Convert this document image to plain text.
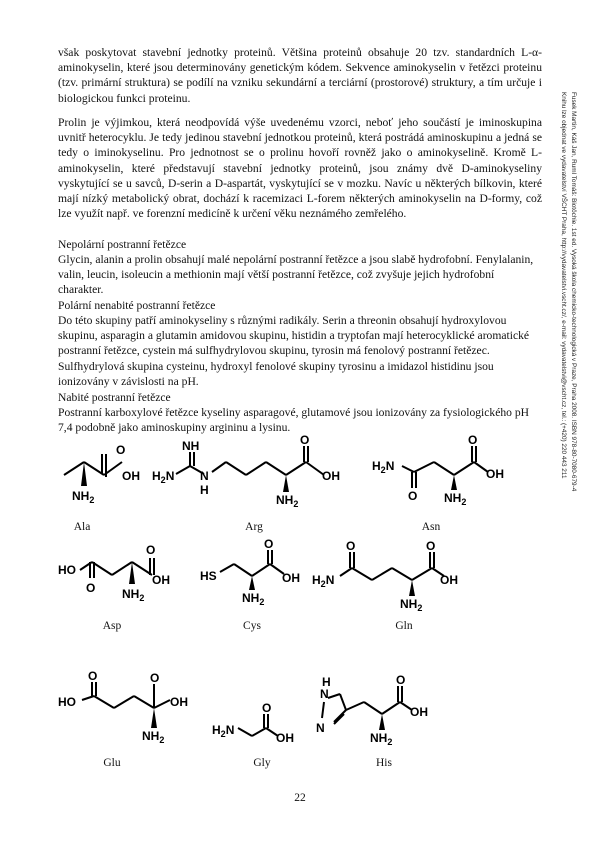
Fusek Martin, Káš Jan, Ruml Tomáš: Biotöchie. 1st ed. Vysoká škola chemicko-technologická v Praze, Praha 2008. ISBN 978-80-7080-679-4
Knihu lze objednat ve vydavatelství VŠCHT Praha, http://vydavatelstvi.vscht.cz/, e-mail: vydavatelstvi@vscht.cz, tel.: (+420) 220 443 211

však poskytovat stavební jednotky proteinů. Většina proteinů obsahuje 20 tzv. standardních L-α-aminokyselin, které jsou determinovány genetickým kódem. Sekvence aminokyselin v řetězci proteinu (tzv. primární struktura) se podílí na vzniku sekundární a terciární (prostorové) struktury, a tím určuje i biologickou funkci proteinu.

Prolin je výjimkou, která neodpovídá výše uvedenému vzorci, neboť jeho součástí je iminoskupina uvnitř heterocyklu. Je tedy jedinou stavební jednotkou proteinů, která postrádá aminoskupinu a jedná se tedy o iminokyselinu. Pro jednotnost se o prolinu hovoří rovněž jako o aminokyselině. Kromě L-aminokyselin, které představují stavební jednotky proteinů, jsou známy dvě D-aminokyseliny vyskytující se u savců, D-serin a D-aspartát, vyskytující se v mozku. Navíc u některých bílkovin, které mají nízký metabolický obrat, dochází k racemizaci L-forem některých aminokyselin na D-formy, což lze využít např. ve forenzní medicíně k určení věku neznámého zemřelého.

Nepolární postranní řetězce

Glycin, alanin a prolin obsahují malé nepolární postranní řetězce a jsou slabě hydrofobní. Fenylalanin, valin, leucin, isoleucin a methionin mají větší postranní řetězce, což zvyšuje jejich hydrofobní charakter.

Polární nenabité postranní řetězce

Do této skupiny patří aminokyseliny s různými radikály. Serin a threonin obsahují hydroxylovou skupinu, asparagin a glutamin amidovou skupinu, histidin a tryptofan mají heterocyklické aromatické postranní řetězce, cystein má sulfhydrylovou skupinu, tyrosin má fenolový postranní řetězec. Sulfhydrylová skupina cysteinu, hydroxyl fenolové skupiny tyrosinu a imidazol histidinu jsou ionizovány v závislosti na pH.

Nabité postranní řetězce

Postranní karboxylové řetězce kyseliny asparagové, glutamové jsou ionizovány za fysiologického pH 7,4 podobně jako aminoskupiny argininu a lysinu.

O
OH
$NH_2$
NH
$H_2N$ N
H
O
OH
$NH_2$
$H_2N$
O
O
OH
$NH_2$
Ala	Arg	Asn
HO
O
O
OH
$NH_2$
HS
O
OH
$NH_2$
$H_2N$
O	O
OH
$NH_2$
Asp	Cys	Gln
HO
O	O
OH
$NH_2$
$H_2N$
O
OH
H
N
N
O
OH
$NH_2$
Glu	Gly	His
22
